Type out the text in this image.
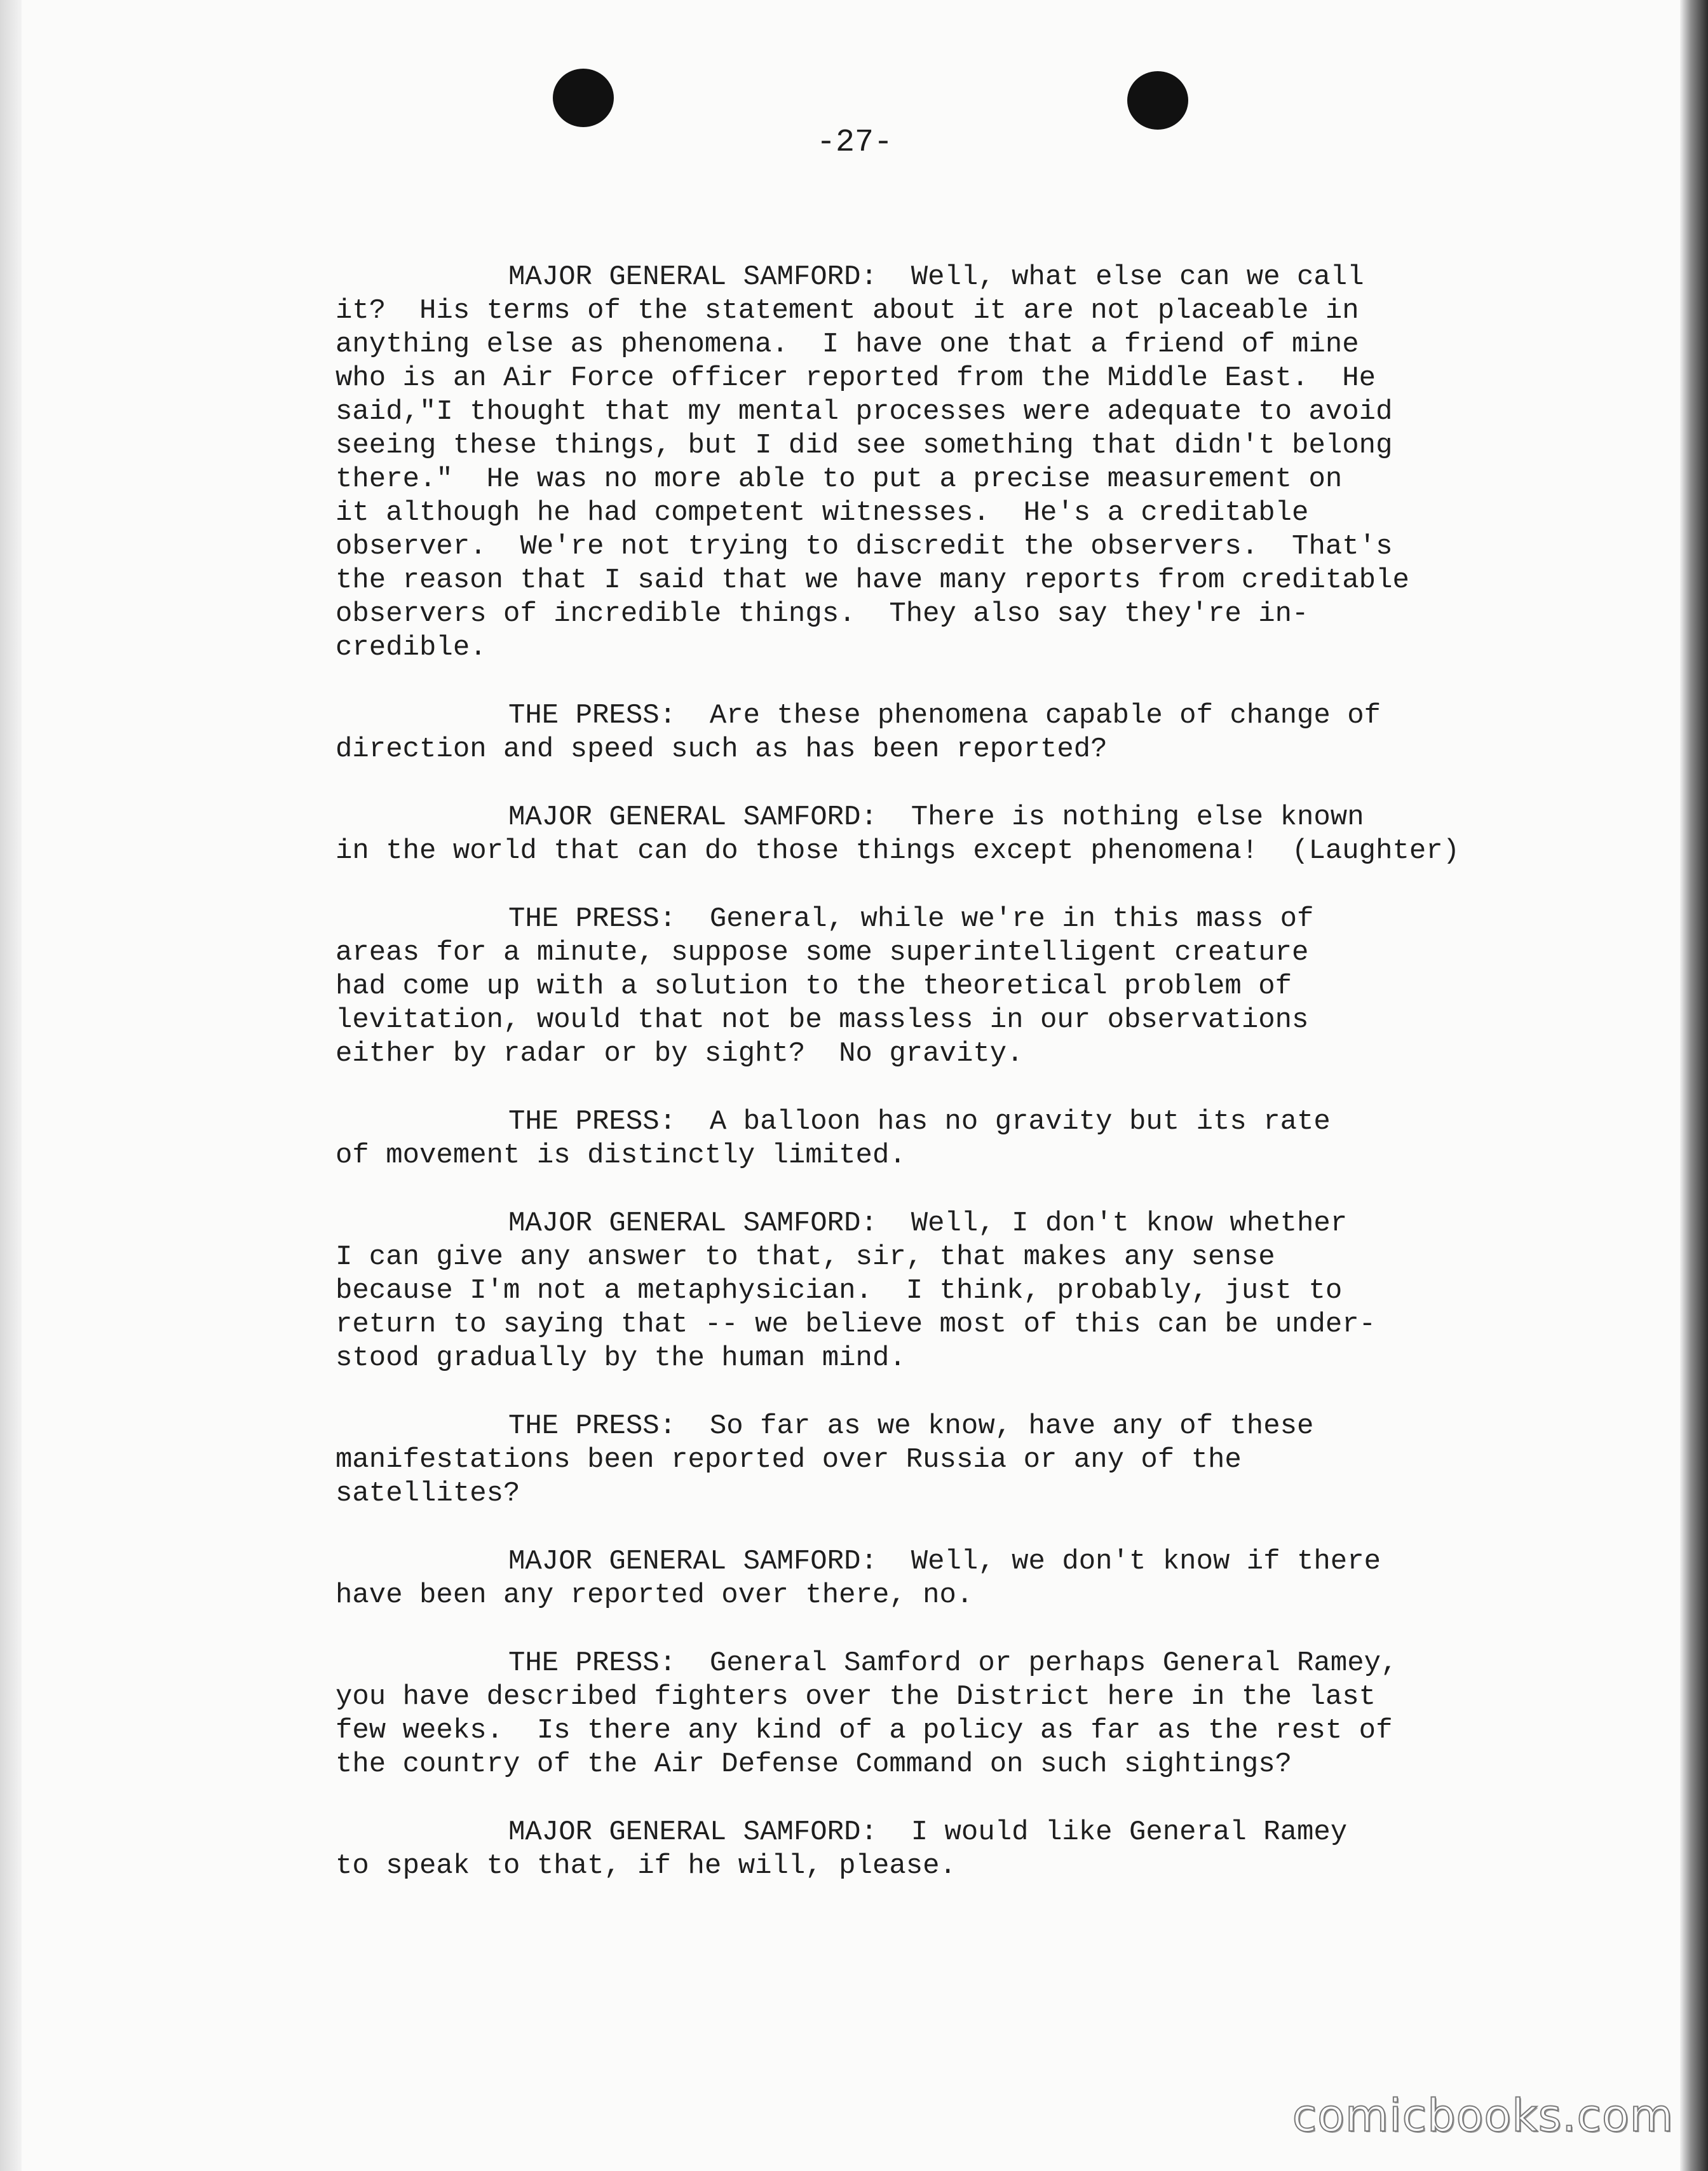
-27-
MAJOR GENERAL SAMFORD:  Well, what else can we call
it?  His terms of the statement about it are not placeable in
anything else as phenomena.  I have one that a friend of mine
who is an Air Force officer reported from the Middle East.  He
said,"I thought that my mental processes were adequate to avoid
seeing these things, but I did see something that didn't belong
there."  He was no more able to put a precise measurement on
it although he had competent witnesses.  He's a creditable
observer.  We're not trying to discredit the observers.  That's
the reason that I said that we have many reports from creditable
observers of incredible things.  They also say they're in-
credible.
THE PRESS:  Are these phenomena capable of change of
direction and speed such as has been reported?
MAJOR GENERAL SAMFORD:  There is nothing else known
in the world that can do those things except phenomena!  (Laughter)
THE PRESS:  General, while we're in this mass of
areas for a minute, suppose some superintelligent creature
had come up with a solution to the theoretical problem of
levitation, would that not be massless in our observations
either by radar or by sight?  No gravity.
THE PRESS:  A balloon has no gravity but its rate
of movement is distinctly limited.
MAJOR GENERAL SAMFORD:  Well, I don't know whether
I can give any answer to that, sir, that makes any sense
because I'm not a metaphysician.  I think, probably, just to
return to saying that -- we believe most of this can be under-
stood gradually by the human mind.
THE PRESS:  So far as we know, have any of these
manifestations been reported over Russia or any of the
satellites?
MAJOR GENERAL SAMFORD:  Well, we don't know if there
have been any reported over there, no.
THE PRESS:  General Samford or perhaps General Ramey,
you have described fighters over the District here in the last
few weeks.  Is there any kind of a policy as far as the rest of
the country of the Air Defense Command on such sightings?
MAJOR GENERAL SAMFORD:  I would like General Ramey
to speak to that, if he will, please.
comicbooks.com
